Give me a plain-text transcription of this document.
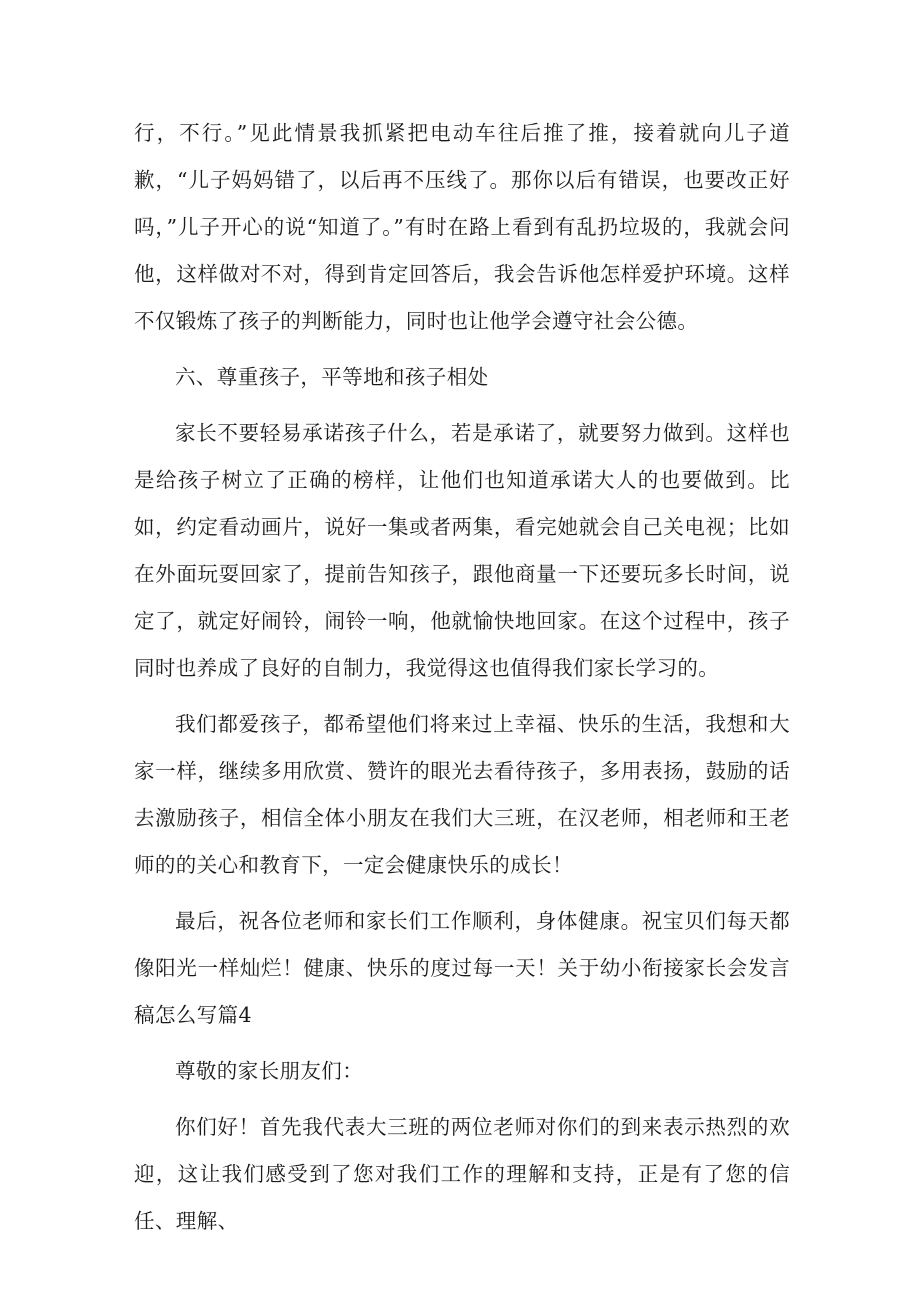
行，不行。”见此情景我抓紧把电动车往后推了推，接着就向儿子道歉，“儿子妈妈错了，以后再不压线了。那你以后有错误，也要改正好吗，”儿子开心的说“知道了。”有时在路上看到有乱扔垃圾的，我就会问他，这样做对不对，得到肯定回答后，我会告诉他怎样爱护环境。这样不仅锻炼了孩子的判断能力，同时也让他学会遵守社会公德。

六、尊重孩子，平等地和孩子相处

家长不要轻易承诺孩子什么，若是承诺了，就要努力做到。这样也是给孩子树立了正确的榜样，让他们也知道承诺大人的也要做到。比如，约定看动画片，说好一集或者两集，看完她就会自己关电视；比如在外面玩耍回家了，提前告知孩子，跟他商量一下还要玩多长时间，说定了，就定好闹铃，闹铃一响，他就愉快地回家。在这个过程中，孩子同时也养成了良好的自制力，我觉得这也值得我们家长学习的。

我们都爱孩子，都希望他们将来过上幸福、快乐的生活，我想和大家一样，继续多用欣赏、赞许的眼光去看待孩子，多用表扬，鼓励的话去激励孩子，相信全体小朋友在我们大三班，在汉老师，相老师和王老师的的关心和教育下，一定会健康快乐的成长！

最后，祝各位老师和家长们工作顺利，身体健康。祝宝贝们每天都像阳光一样灿烂！健康、快乐的度过每一天！关于幼小衔接家长会发言稿怎么写篇4

尊敬的家长朋友们：

你们好！首先我代表大三班的两位老师对你们的到来表示热烈的欢迎，这让我们感受到了您对我们工作的理解和支持，正是有了您的信任、理解、
